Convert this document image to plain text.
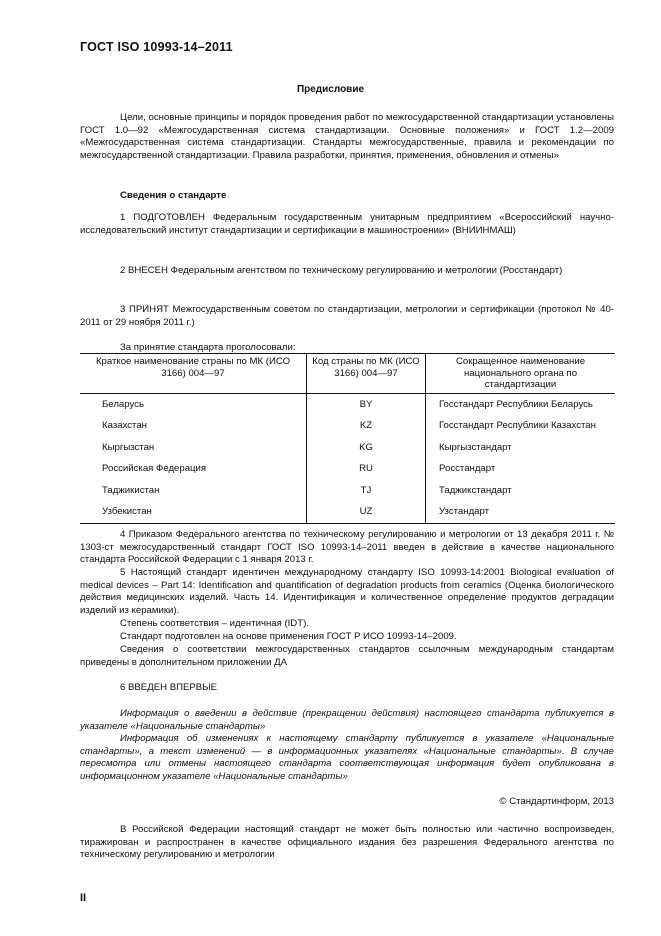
ГОСТ ISO 10993-14–2011
Предисловие
Цели, основные принципы и порядок проведения работ по межгосударственной стандартизации установлены ГОСТ 1.0—92 «Межгосударственная система стандартизации. Основные положения» и ГОСТ 1.2—2009 «Межгосударственная система стандартизации. Стандарты межгосударственные, правила и рекомендации по межгосударственной стандартизации. Правила разработки, принятия, применения, обновления и отмены»
Сведения о стандарте
1 ПОДГОТОВЛЕН Федеральным государственным унитарным предприятием «Всероссийский научно-исследовательский институт стандартизации и сертификации в машиностроении» (ВНИИНМАШ)
2 ВНЕСЕН Федеральным агентством по техническому регулированию и метрологии (Росстандарт)
3 ПРИНЯТ Межгосударственным советом по стандартизации, метрологии и сертификации (протокол № 40-2011 от 29 ноября 2011 г.)
За принятие стандарта проголосовали:
Краткое наименование страны по МК (ИСО 3166) 004—97	Код страны по МК (ИСО 3166) 004—97	Сокращенное наименование национального органа по стандартизации
Беларусь	BY	Госстандарт Республики Беларусь
Казахстан	KZ	Госстандарт Республики Казахстан
Кыргызстан	KG	Кыргызстандарт
Российская Федерация	RU	Росстандарт
Таджикистан	TJ	Таджикстандарт
Узбекистан	UZ	Узстандарт
4 Приказом Федерального агентства по техническому регулированию и метрологии от 13 декабря 2011 г. № 1303-ст межгосударственный стандарт ГОСТ ISO 10993-14–2011 введен в действие в качестве национального стандарта Российской Федерации с 1 января 2013 г.
5 Настоящий стандарт идентичен международному стандарту ISO 10993-14:2001 Biological evaluation of medical devices – Part 14: Identification and quantification of degradation products from ceramics (Оценка биологического действия медицинских изделий. Часть 14. Идентификация и количественное определение продуктов деградации изделий из керамики).
Степень соответствия – идентичная (IDT).
Стандарт подготовлен на основе применения ГОСТ Р ИСО 10993-14–2009.
Сведения о соответствии межгосударственных стандартов ссылочным международным стандартам приведены в дополнительном приложении ДА
6 ВВЕДЕН ВПЕРВЫЕ
Информация о введении в действие (прекращении действия) настоящего стандарта публикуется в указателе «Национальные стандарты»
Информация об изменениях к настоящему стандарту публикуется в указателе «Национальные стандарты», а текст изменений — в информационных указателях «Национальные стандарты». В случае пересмотра или отмены настоящего стандарта соответствующая информация будет опубликована в информационном указателе «Национальные стандарты»
© Стандартинформ, 2013
В Российской Федерации настоящий стандарт не может быть полностью или частично воспроизведен, тиражирован и распространен в качестве официального издания без разрешения Федерального агентства по техническому регулированию и метрологии
II
